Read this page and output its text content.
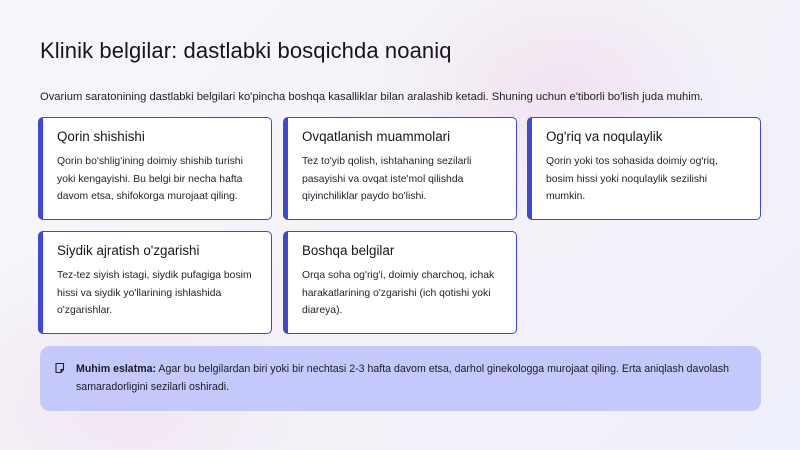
Klinik belgilar: dastlabki bosqichda noaniq

Ovarium saratonining dastlabki belgilari ko'pincha boshqa kasalliklar bilan aralashib ketadi. Shuning uchun e'tiborli bo'lish juda muhim.

Qorin shishishi

Qorin bo'shlig'ining doimiy shishib turishi yoki kengayishi. Bu belgi bir necha hafta davom etsa, shifokorga murojaat qiling.

Ovqatlanish muammolari

Tez to'yib qolish, ishtahaning sezilarli pasayishi va ovqat iste'mol qilishda qiyinchiliklar paydo bo'lishi.

Og'riq va noqulaylik

Qorin yoki tos sohasida doimiy og'riq, bosim hissi yoki noqulaylik sezilishi mumkin.

Siydik ajratish o'zgarishi

Tez-tez siyish istagi, siydik pufagiga bosim hissi va siydik yo'llarining ishlashida o'zgarishlar.

Boshqa belgilar

Orqa soha og'rig'i, doimiy charchoq, ichak harakatlarining o'zgarishi (ich qotishi yoki diareya).

Muhim eslatma: Agar bu belgilardan biri yoki bir nechtasi 2-3 hafta davom etsa, darhol ginekologga murojaat qiling. Erta aniqlash davolash samaradorligini sezilarli oshiradi.
